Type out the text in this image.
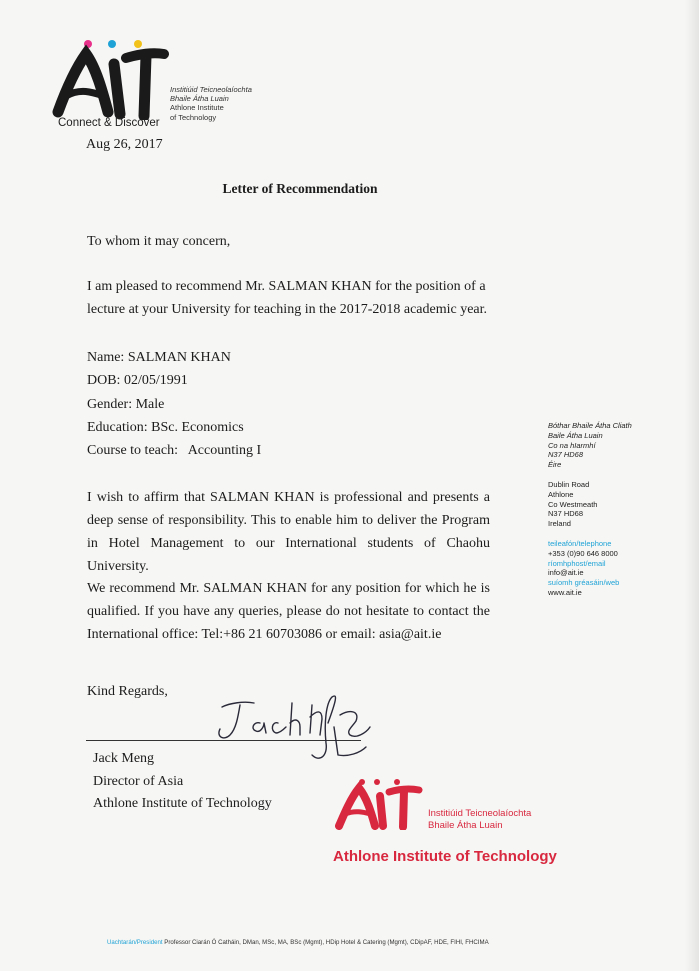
Connect & Discover
Institiúid Teicneolaíochta
Bhaile Átha Luain
Athlone Institute
of Technology
Aug 26, 2017
Letter of Recommendation
To whom it may concern,

I am pleased to recommend Mr. SALMAN KHAN for the position of a lecture at your University for teaching in the 2017-2018 academic year.

Name: SALMAN KHAN
DOB: 02/05/1991
Gender: Male
Education: BSc. Economics
Course to teach:   Accounting I

I wish to affirm that SALMAN KHAN is professional and presents a deep sense of responsibility. This to enable him to deliver the Program in Hotel Management to our International students of Chaohu University.

We recommend Mr. SALMAN KHAN for any position for which he is qualified. If you have any queries, please do not hesitate to contact the International office: Tel:+86 21 60703086 or email: asia@ait.ie

Kind Regards,
Jack Meng
Director of Asia
Athlone Institute of Technology
Bóthar Bhaile Átha Cliath
Baile Átha Luain
Co na hIarmhí
N37 HD68
Éire
Dublin Road
Athlone
Co Westmeath
N37 HD68
Ireland
teileafón/telephone
+353 (0)90 646 8000
ríomhphost/email
info@ait.ie
suíomh gréasáin/web
www.ait.ie
Institiúid Teicneolaíochta
Bhaile Átha Luain
Athlone Institute of Technology
Uachtarán/President Professor Ciarán Ó Catháin, DMan, MSc, MA, BSc (Mgmt), HDip Hotel & Catering (Mgmt), CDipAF, HDE, FIHI, FHCIMA
